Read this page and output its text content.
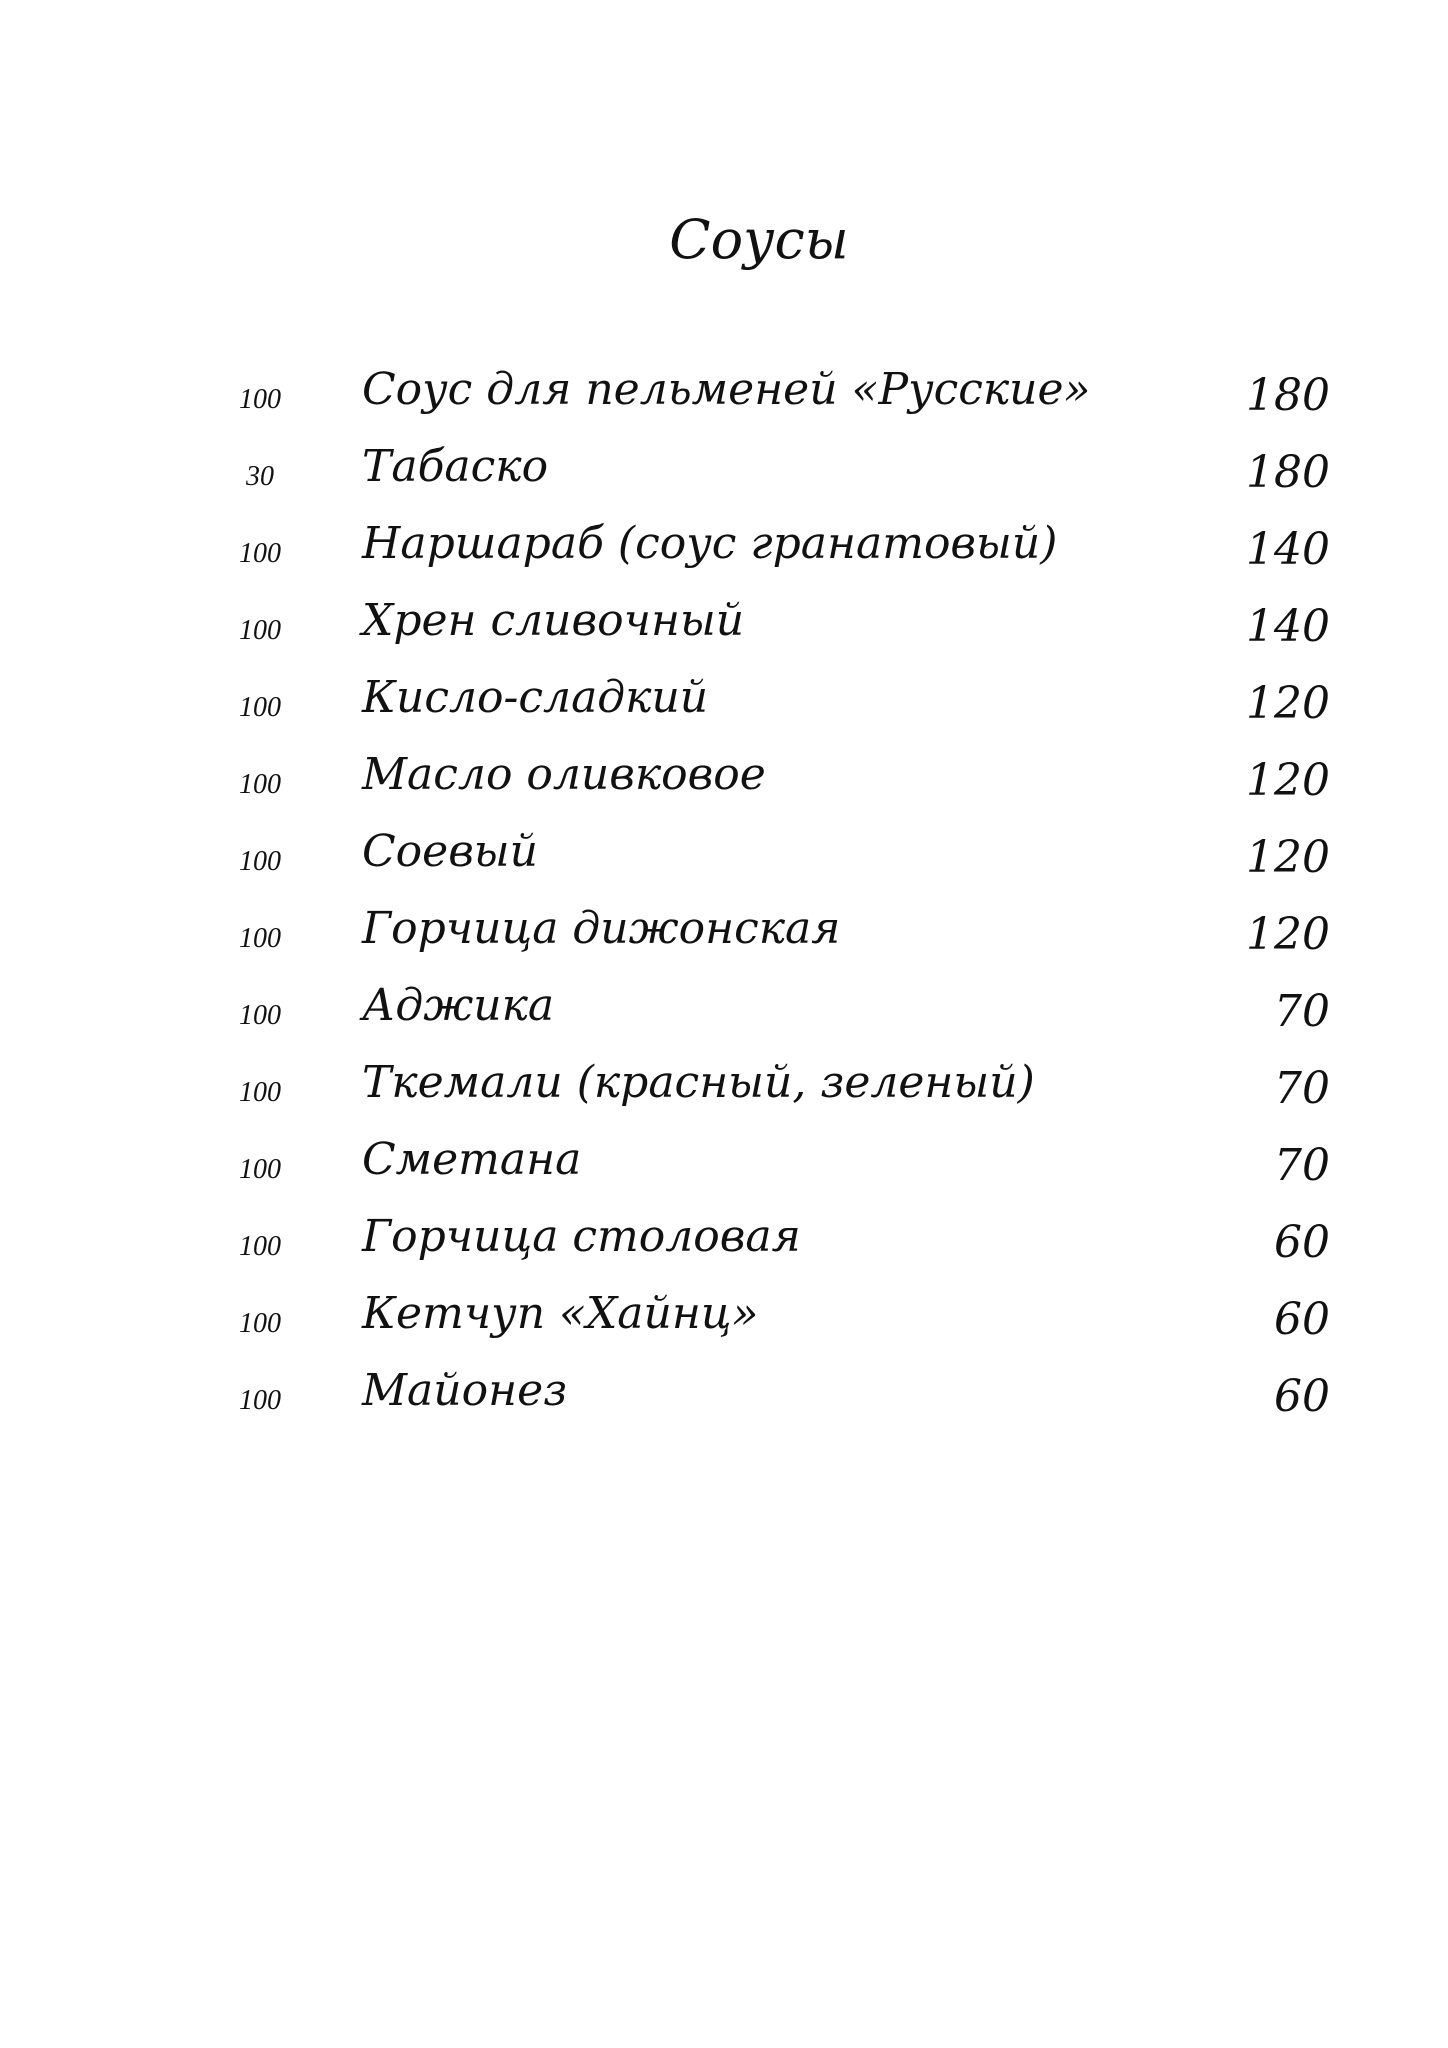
Соусы
100	Соус для пельменей «Русские»	180
30	Табаско	180
100	Наршараб (соус гранатовый)	140
100	Хрен сливочный	140
100	Кисло-сладкий	120
100	Масло оливковое	120
100	Соевый	120
100	Горчица дижонская	120
100	Аджика	70
100	Ткемали (красный, зеленый)	70
100	Сметана	70
100	Горчица столовая	60
100	Кетчуп «Хайнц»	60
100	Майонез	60
